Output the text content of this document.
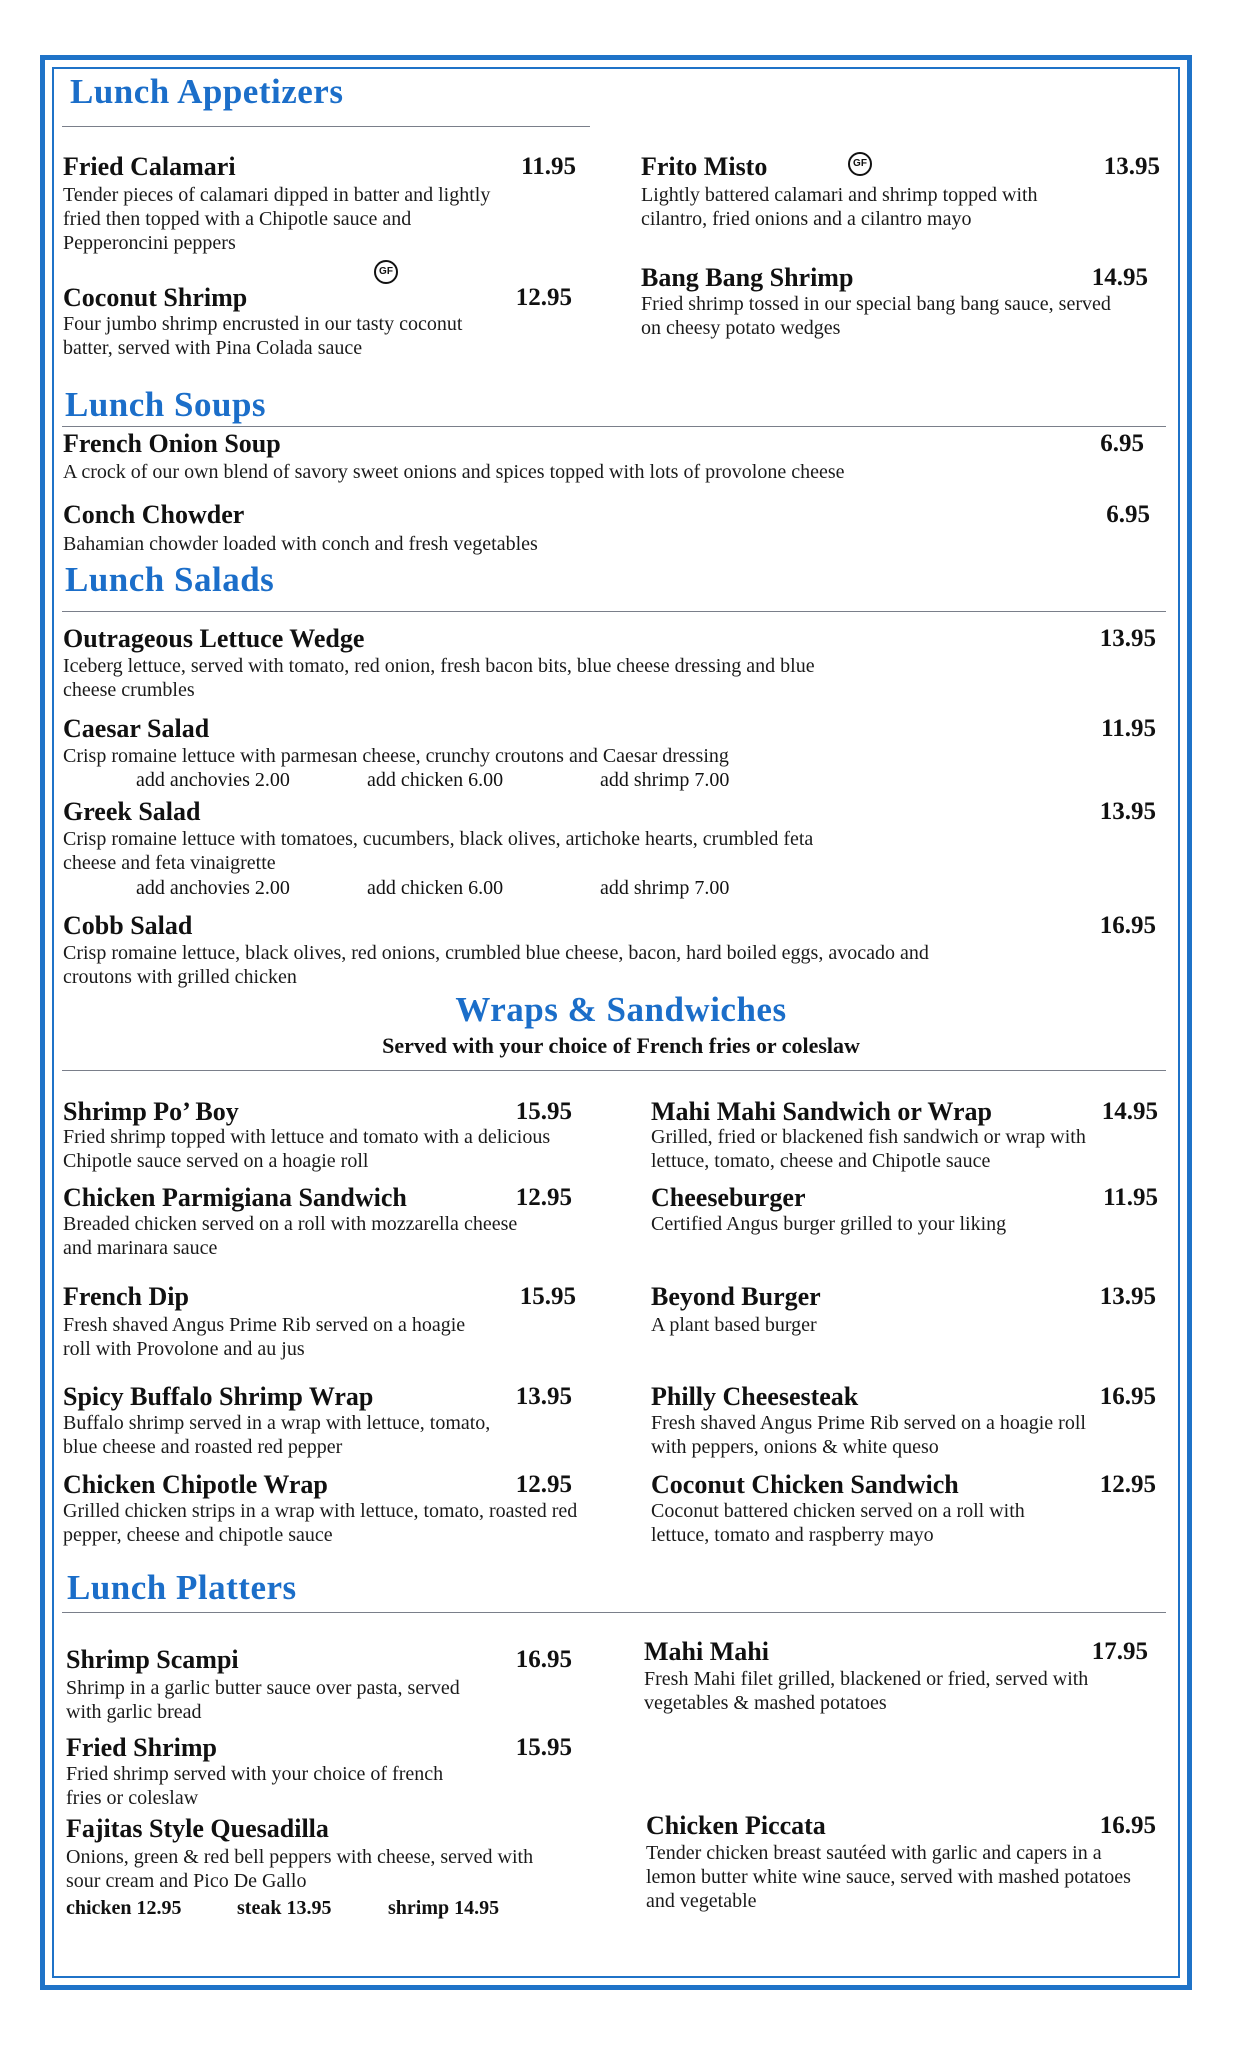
Lunch Appetizers
Fried Calamari	11.95
Tender pieces of calamari dipped in batter and lightly fried then topped with a Chipotle sauce and Pepperoncini peppers
GF
Coconut Shrimp	12.95
Four jumbo shrimp encrusted in our tasty coconut batter, served with Pina Colada sauce
Frito Misto	GF	13.95
Lightly battered calamari and shrimp topped with cilantro, fried onions and a cilantro mayo
Bang Bang Shrimp	14.95
Fried shrimp tossed in our special bang bang sauce, served on cheesy potato wedges
Lunch Soups
French Onion Soup	6.95
A crock of our own blend of savory sweet onions and spices topped with lots of provolone cheese
Conch Chowder	6.95
Bahamian chowder loaded with conch and fresh vegetables
Lunch Salads
Outrageous Lettuce Wedge	13.95
Iceberg lettuce, served with tomato, red onion, fresh bacon bits, blue cheese dressing and blue cheese crumbles
Caesar Salad	11.95
Crisp romaine lettuce with parmesan cheese, crunchy croutons and Caesar dressing
add anchovies 2.00	add chicken 6.00	add shrimp 7.00
Greek Salad	13.95
Crisp romaine lettuce with tomatoes, cucumbers, black olives, artichoke hearts, crumbled feta cheese and feta vinaigrette
add anchovies 2.00	add chicken 6.00	add shrimp 7.00
Cobb Salad	16.95
Crisp romaine lettuce, black olives, red onions, crumbled blue cheese, bacon, hard boiled eggs, avocado and croutons with grilled chicken
Wraps & Sandwiches
Served with your choice of French fries or coleslaw
Shrimp Po’ Boy	15.95
Fried shrimp topped with lettuce and tomato with a delicious Chipotle sauce served on a hoagie roll
Chicken Parmigiana Sandwich	12.95
Breaded chicken served on a roll with mozzarella cheese and marinara sauce
French Dip	15.95
Fresh shaved Angus Prime Rib served on a hoagie roll with Provolone and au jus
Spicy Buffalo Shrimp Wrap	13.95
Buffalo shrimp served in a wrap with lettuce, tomato, blue cheese and roasted red pepper
Chicken Chipotle Wrap	12.95
Grilled chicken strips in a wrap with lettuce, tomato, roasted red pepper, cheese and chipotle sauce
Mahi Mahi Sandwich or Wrap	14.95
Grilled, fried or blackened fish sandwich or wrap with lettuce, tomato, cheese and Chipotle sauce
Cheeseburger	11.95
Certified Angus burger grilled to your liking
Beyond Burger	13.95
A plant based burger
Philly Cheesesteak	16.95
Fresh shaved Angus Prime Rib served on a hoagie roll with peppers, onions & white queso
Coconut Chicken Sandwich	12.95
Coconut battered chicken served on a roll with lettuce, tomato and raspberry mayo
Lunch Platters
Shrimp Scampi	16.95
Shrimp in a garlic butter sauce over pasta, served with garlic bread
Fried Shrimp	15.95
Fried shrimp served with your choice of french fries or coleslaw
Fajitas Style Quesadilla
Onions, green & red bell peppers with cheese, served with sour cream and Pico De Gallo
chicken 12.95	steak 13.95	shrimp 14.95
Mahi Mahi	17.95
Fresh Mahi filet grilled, blackened or fried, served with vegetables & mashed potatoes
Chicken Piccata	16.95
Tender chicken breast sautéed with garlic and capers in a lemon butter white wine sauce, served with mashed potatoes and vegetable
